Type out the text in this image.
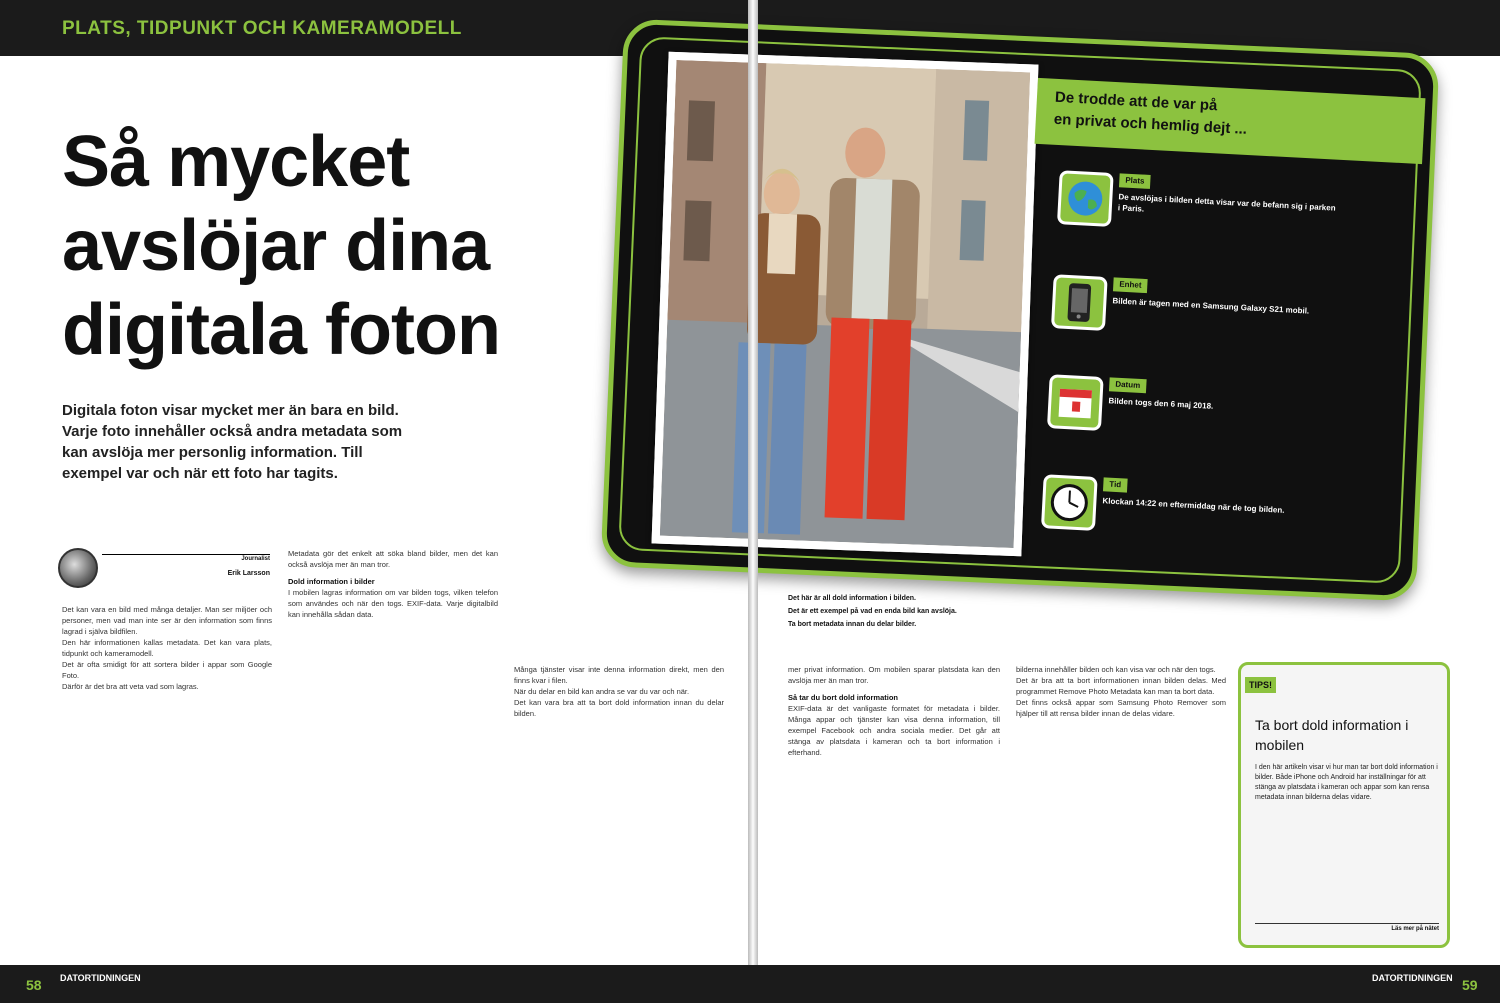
PLATS, TIDPUNKT OCH KAMERAMODELL
Så mycket
avslöjar dina
digitala foton
Digitala foton visar mycket mer än bara en bild. Varje foto innehåller också andra metadata som kan avslöja mer personlig information. Till exempel var och när ett foto har tagits.
Journalist
Erik Larsson

Det kan vara en bild med många detaljer. Man ser miljöer och personer, men vad man inte ser är den information som finns lagrad i själva bildfilen.

Den här informationen kallas metadata. Det kan vara plats, tidpunkt och kameramodell.

Det är ofta smidigt för att sortera bilder i appar som Google Foto.

Därför är det bra att veta vad som lagras.

Metadata gör det enkelt att söka bland bilder, men det kan också avslöja mer än man tror.

Dold information i bilder

I mobilen lagras information om var bilden togs, vilken telefon som användes och när den togs. EXIF-data. Varje digitalbild kan innehålla sådan data.

Många tjänster visar inte denna information direkt, men den finns kvar i filen.

När du delar en bild kan andra se var du var och när.

Det kan vara bra att ta bort dold information innan du delar bilden.

mer privat information. Om mobilen sparar platsdata kan den avslöja mer än man tror.

Så tar du bort dold information

EXIF-data är det vanligaste formatet för metadata i bilder. Många appar och tjänster kan visa denna information, till exempel Facebook och andra sociala medier. Det går att stänga av platsdata i kameran och ta bort information i efterhand.

bilderna innehåller bilden och kan visa var och när den togs.

Det är bra att ta bort informationen innan bilden delas. Med programmet Remove Photo Metadata kan man ta bort data.

Det finns också appar som Samsung Photo Remover som hjälper till att rensa bilder innan de delas vidare.

De trodde att de var på
en privat och hemlig dejt ...
Plats
De avslöjas i bilden detta visar var de befann sig i parken i Paris.
Enhet
Bilden är tagen med en Samsung Galaxy S21 mobil.
Datum
Bilden togs den 6 maj 2018.
Tid
Klockan 14:22 en eftermiddag när de tog bilden.
Det här är all dold information i bilden.
Det är ett exempel på vad en enda bild kan avslöja.
Ta bort metadata innan du delar bilder.
TIPS!
Ta bort dold information i mobilen
I den här artikeln visar vi hur man tar bort dold information i bilder. Både iPhone och Android har inställningar för att stänga av platsdata i kameran och appar som kan rensa metadata innan bilderna delas vidare.
Läs mer på nätet
58 DATORTIDNINGEN	DATORTIDNINGEN 59
